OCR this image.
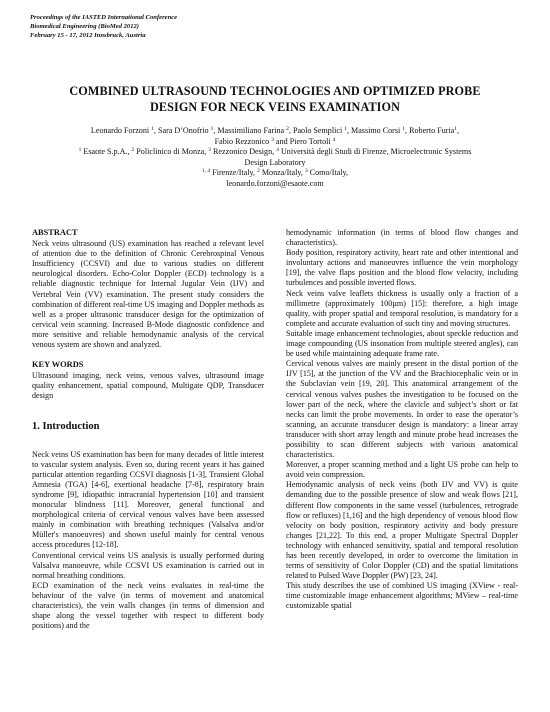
Proceedings of the IASTED International Conference
Biomedical Engineering (BioMed 2012)
February 15 - 17, 2012 Innsbruck, Austria
COMBINED ULTRASOUND TECHNOLOGIES AND OPTIMIZED PROBE
DESIGN FOR NECK VEINS EXAMINATION
Leonardo Forzoni $^1$, Sara D’Onofrio $^1$, Massimiliano Farina $^2$, Paolo Semplici $^1$, Massimo Corsi $^1$, Roberto Furia$^1$,
Fabio Rezzonico $^3$ and Piero Tortoli $^4$
$^1$ Esaote S.p.A., $^2$ Policlinico di Monza, $^3$ Rezzonico Design, $^4$ Università degli Studi di Firenze, Microelectronic Systems
Design Laboratory
$^{1, 4}$ Firenze/Italy, $^2$ Monza/Italy, $^3$ Como/Italy,
leonardo.forzoni@esaote.com
ABSTRACT

Neck veins ultrasound (US) examination has reached a relevant level of attention due to the definition of Chronic Cerebrospinal Venous Insufficiency (CCSVI) and due to various studies on different neurological disorders. Echo-Color Doppler (ECD) technology is a reliable diagnostic technique for Internal Jugular Vein (IJV) and Vertebral Vein (VV) examination. The present study considers the combination of different real-time US imaging and Doppler methods as well as a proper ultrasonic transducer design for the optimization of cervical vein scanning. Increased B-Mode diagnostic confidence and more sensitive and reliable hemodynamic analysis of the cervical venous system are shown and analyzed.

KEY WORDS

Ultrasound imaging, neck veins, venous valves, ultrasound image quality enhancement, spatial compound, Multigate QDP, Transducer design

1. Introduction

Neck veins US examination has been for many decades of little interest to vascular system analysis. Even so, during recent years it has gained particular attention regarding CCSVI diagnosis [1-3], Transient Global Amnesia (TGA) [4-6], exertional headache [7-8], respiratory brain syndrome [9], idiopathic intracranial hypertension [10] and transient monocular blindness [11]. Moreover, general functional and morphological criteria of cervical venous valves have been assessed mainly in combination with breathing techniques (Valsalva and/or Müller's manoeuvres) and shown useful mainly for central venous access procedures [12-18].

Conventional cervical veins US analysis is usually performed during Valsalva manoeuvre, while CCSVI US examination is carried out in normal breathing conditions.

ECD examination of the neck veins evaluates in real-time the behaviour of the valve (in terms of movement and anatomical characteristics), the vein walls changes (in terms of dimension and shape along the vessel together with respect to different body positions) and the

hemodynamic information (in terms of blood flow changes and characteristics).

Body position, respiratory activity, heart rate and other intentional and involuntary actions and manoeuvres influence the vein morphology [19], the valve flaps position and the blood flow velocity, including turbulences and possible inverted flows.

Neck veins valve leaflets thickness is usually only a fraction of a millimetre (approximately 100µm) [15]: therefore, a high image quality, with proper spatial and temporal resolution, is mandatory for a complete and accurate evaluation of such tiny and moving structures.

Suitable image enhancement technologies, about speckle reduction and image compounding (US insonation from multiple steered angles), can be used while maintaining adequate frame rate.

Cervical venous valves are mainly present in the distal portion of the IJV [15], at the junction of the VV and the Brachiocephalic vein or in the Subclavian vein [19, 20]. This anatomical arrangement of the cervical venous valves pushes the investigation to be focused on the lower part of the neck, where the clavicle and subject’s short or fat necks can limit the probe movements. In order to ease the operator’s scanning, an accurate transducer design is mandatory: a linear array transducer with short array length and minute probe head increases the possibility to scan different subjects with various anatomical characteristics.

Moreover, a proper scanning method and a light US probe can help to avoid vein compression.

Hemodynamic analysis of neck veins (both IJV and VV) is quite demanding due to the possible presence of slow and weak flows [21], different flow components in the same vessel (turbulences, retrograde flow or refluxes) [1,16] and the high dependency of venous blood flow velocity on body position, respiratory activity and body pressure changes [21,22]. To this end, a proper Multigate Spectral Doppler technology with enhanced sensitivity, spatial and temporal resolution has been recently developed, in order to overcome the limitation in terms of sensitivity of Color Doppler (CD) and the spatial limitations related to Pulsed Wave Doppler (PW) [23, 24].

This study describes the use of combined US imaging (XView - real-time customizable image enhancement algorithms; MView – real-time customizable spatial
